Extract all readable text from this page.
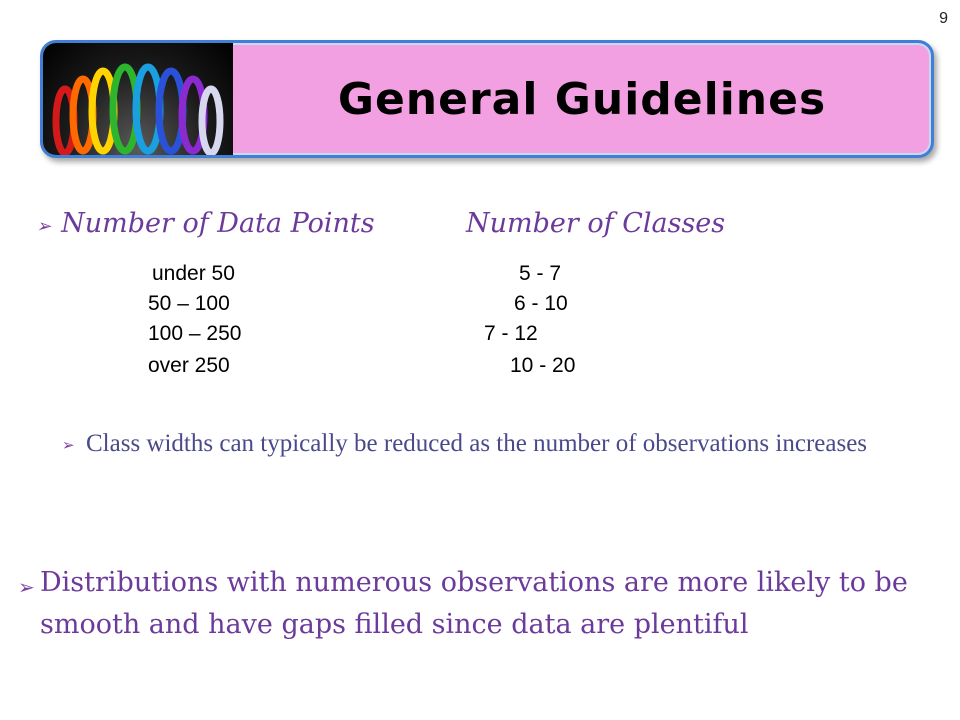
9
General Guidelines
➢ Number of Data Points	Number of Classes
under 50	5 - 7
50 – 100	6 - 10
100 – 250	7 - 12
over 250	10 - 20
➢ Class widths can typically be reduced as the number of observations increases
➢ Distributions with numerous observations are more likely to be smooth and have gaps filled since data are plentiful
